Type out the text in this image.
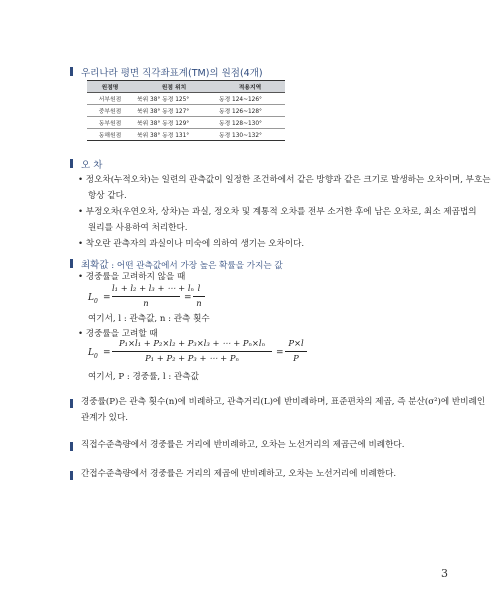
우리나라 평면 직각좌표계(TM)의 원점(4개)
원점명	원점 위치	적용지역
서부원점	북위 38° 동경 125°	동경 124~126°
중부원점	북위 38° 동경 127°	동경 126~128°
동부원점	북위 38° 동경 129°	동경 128~130°
동해원점	북위 38° 동경 131°	동경 130~132°
오 차
• 정오차(누적오차)는 일련의 관측값이 일정한 조건하에서 같은 방향과 같은 크기로 발생하는 오차이며, 부호는
항상 같다.
• 부정오차(우연오차, 상차)는 과실, 정오차 및 계통적 오차를 전부 소거한 후에 남은 오차로, 최소 제곱법의
원리를 사용하여 처리한다.
• 착오란 관측자의 과실이나 미숙에 의하여 생기는 오차이다.
최확값 : 어떤 관측값에서 가장 높은 확률을 가지는 값
• 경중률을 고려하지 않을 때
$L_0$ =
l₁ + l₂ + l₃ + ⋯ + lₙ
n	=
l
n
여기서, l : 관측값, n : 관측 횟수
• 경중률을 고려할 때
$L_0$ =
P₁×l₁ + P₂×l₂ + P₃×l₃ + ⋯ + Pₙ×lₙ
P₁ + P₂ + P₃ + ⋯ + Pₙ	=
P×l
P
여기서, P : 경중률, l : 관측값
경중률(P)은 관측 횟수(n)에 비례하고, 관측거리(L)에 반비례하며, 표준편차의 제곱, 즉 분산(σ²)에 반비례인
관계가 있다.
직접수준측량에서 경중률은 거리에 반비례하고, 오차는 노선거리의 제곱근에 비례한다.
간접수준측량에서 경중률은 거리의 제곱에 반비례하고, 오차는 노선거리에 비례한다.
3
